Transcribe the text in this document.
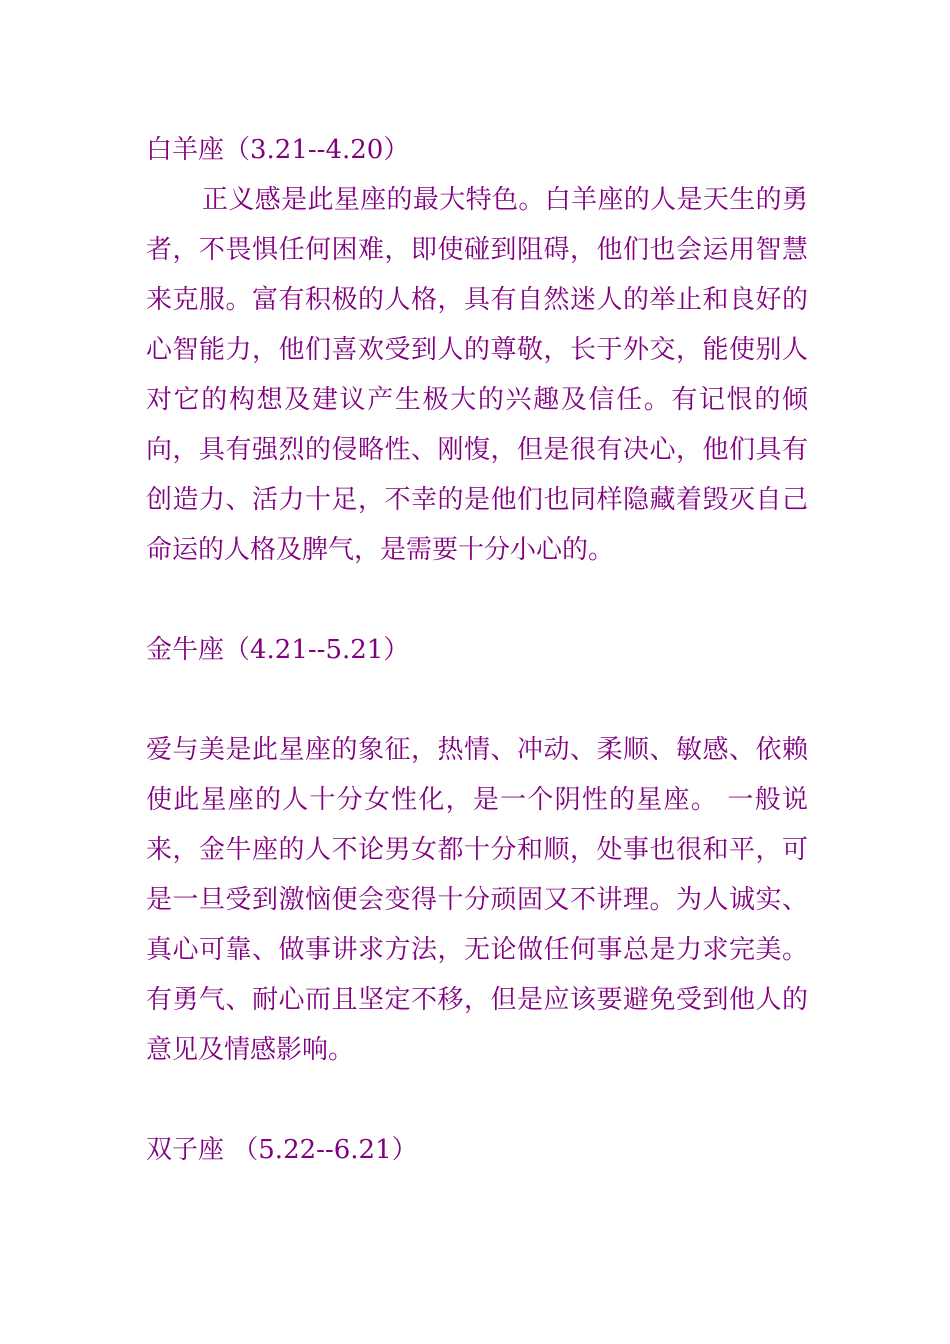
白羊座（3.21--4.20）

正义感是此星座的最大特色。白羊座的人是天生的勇者，不畏惧任何困难，即使碰到阻碍，他们也会运用智慧来克服。富有积极的人格，具有自然迷人的举止和良好的心智能力，他们喜欢受到人的尊敬，长于外交，能使别人对它的构想及建议产生极大的兴趣及信任。有记恨的倾向，具有强烈的侵略性、刚愎，但是很有决心，他们具有创造力、活力十足，不幸的是他们也同样隐藏着毁灭自己命运的人格及脾气，是需要十分小心的。

金牛座（4.21--5.21）

爱与美是此星座的象征，热情、冲动、柔顺、敏感、依赖使此星座的人十分女性化，是一个阴性的星座。 一般说来，金牛座的人不论男女都十分和顺，处事也很和平，可是一旦受到激恼便会变得十分顽固又不讲理。为人诚实、真心可靠、做事讲求方法，无论做任何事总是力求完美。有勇气、耐心而且坚定不移，但是应该要避免受到他人的意见及情感影响。

双子座 （5.22--6.21）
